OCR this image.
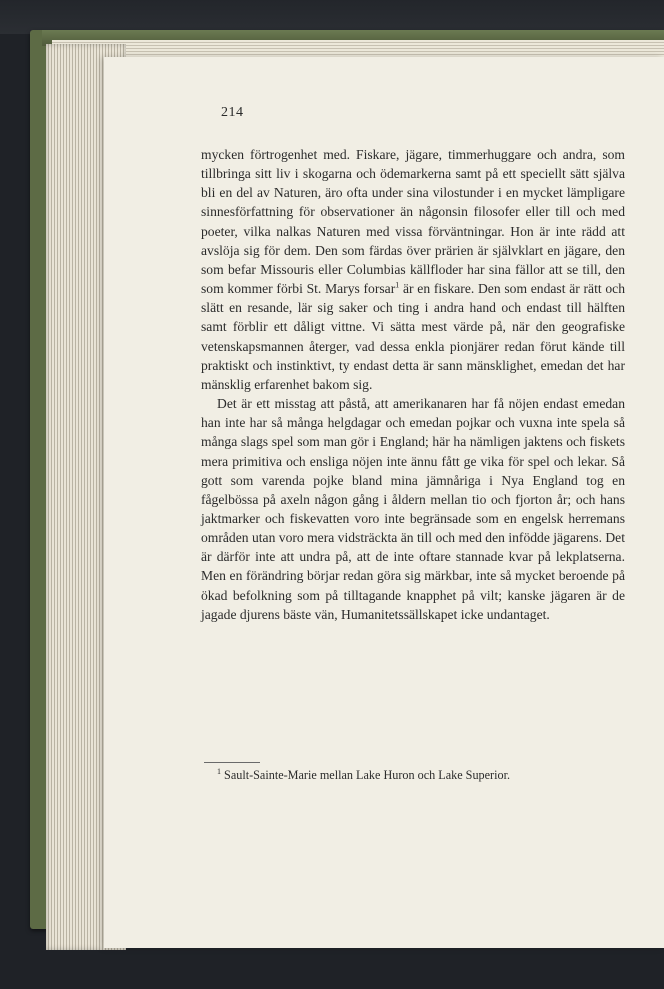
214

mycken förtrogenhet med. Fiskare, jägare, timmerhuggare och andra, som tillbringa sitt liv i skogarna och ödemarkerna samt på ett speciellt sätt själva bli en del av Naturen, äro ofta under sina vilostunder i en mycket lämpligare sinnesförfattning för observationer än någonsin filosofer eller till och med poeter, vilka nalkas Naturen med vissa förväntningar. Hon är inte rädd att avslöja sig för dem. Den som färdas över prärien är självklart en jägare, den som befar Missouris eller Columbias källfloder har sina fällor att se till, den som kommer förbi St. Marys forsar$^1$ är en fiskare. Den som endast är rätt och slätt en resande, lär sig saker och ting i andra hand och endast till hälften samt förblir ett dåligt vittne. Vi sätta mest värde på, när den geografiske vetenskapsmannen återger, vad dessa enkla pionjärer redan förut kände till praktiskt och instinktivt, ty endast detta är sann mänsklighet, emedan det har mänsklig erfarenhet bakom sig.

Det är ett misstag att påstå, att amerikanaren har få nöjen endast emedan han inte har så många helgdagar och emedan pojkar och vuxna inte spela så många slags spel som man gör i England; här ha nämligen jaktens och fiskets mera primitiva och ensliga nöjen inte ännu fått ge vika för spel och lekar. Så gott som varenda pojke bland mina jämnåriga i Nya England tog en fågelbössa på axeln någon gång i åldern mellan tio och fjorton år; och hans jaktmarker och fiskevatten voro inte begränsade som en engelsk herremans områden utan voro mera vidsträckta än till och med den infödde jägarens. Det är därför inte att undra på, att de inte oftare stannade kvar på lekplatserna. Men en förändring börjar redan göra sig märkbar, inte så mycket beroende på ökad befolkning som på tilltagande knapphet på vilt; kanske jägaren är de jagade djurens bäste vän, Humanitetssällskapet icke undantaget.

$^1$ Sault-Sainte-Marie mellan Lake Huron och Lake Superior.
